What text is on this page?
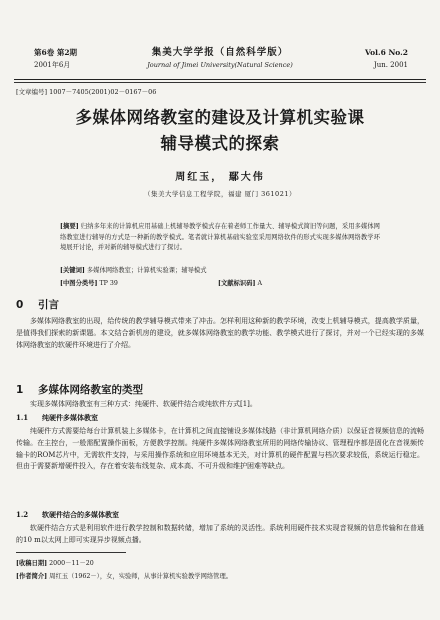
第6卷 第2期
2001年6月
集美大学学报（自然科学版）
Journal of Jimei University(Natural Science)
Vol.6 No.2
Jun. 2001
[文章编号] 1007－7405(2001)02－0167－06
多媒体网络教室的建设及计算机实验课
辅导模式的探索
周红玉， 鄢大伟
（集美大学信息工程学院，福建 厦门 361021）
[摘要] 归纳多年来的计算机应用基础上机辅导教学模式存在着老师工作量大、辅导模式简旧等问题，采用多媒体网络教室进行辅导的方式是一种新的教学模式。笔者就计算机基础实验室采用网络软件的形式实现多媒体网络教学环境展开讨论，并对新的辅导模式进行了探讨。
[关键词] 多媒体网络教室；计算机实验课；辅导模式
[中图分类号] TP 39	[文献标识码] A
0 引言
多媒体网络教室的出现，给传统的教学辅导模式带来了冲击。怎样利用这种新的教学环境，改变上机辅导模式，提高教学质量，是值得我们探索的新课题。本文结合新机房的建设，就多媒体网络教室的教学功能、教学模式进行了探讨，并对一个已经实现的多媒体网络教室的软硬件环境进行了介绍。
1 多媒体网络教室的类型
实现多媒体网络教室有三种方式：纯硬件、软硬件结合或纯软件方式[1]。
1.1 纯硬件多媒体教室
纯硬件方式需要给每台计算机装上多媒体卡，在计算机之间直接铺设多媒体线路（非计算机网络介质）以保证音视频信息的流畅传输。在主控台，一般需配置操作面板，方便教学控制。纯硬件多媒体网络教室所用的网络传输协议、管理程序都是固化在音视频传输卡的ROM芯片中，无需软件支持，与采用操作系统和应用环境基本无关，对计算机的硬件配置与档次要求较低，系统运行稳定。但由于需要新增硬件投入，存在着安装布线复杂、成本高、不可升级和维护困难等缺点。
1.2 软硬件结合的多媒体教室
软硬件结合方式是利用软件进行教学控制和数据转储，增加了系统的灵活性。系统利用硬件技术实现音视频的信息传输和在普通的10 m以太网上即可实现异步视频点播。
[收稿日期] 2000－11－20
[作者简介] 周红玉（1962－），女，实验师，从事计算机实验教学网络管理。
